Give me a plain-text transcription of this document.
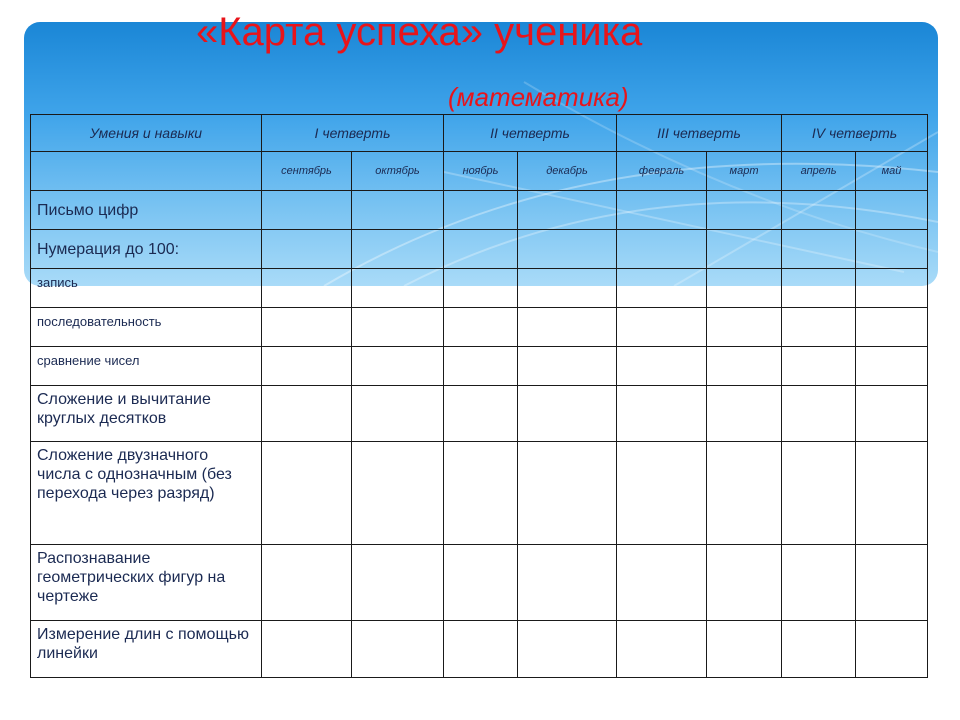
«Карта успеха» ученика
(математика)
Умения и навыки	I четверть		II четверть		III четверть		IV четверть	
	сентябрь	октябрь	ноябрь	декабрь	февраль	март	апрель	май
Письмо цифр								
Нумерация до 100:								
запись								
последовательность								
сравнение чисел								
Сложение и вычитание круглых десятков								
Сложение двузначного числа с однозначным (без перехода через разряд)								
Распознавание геометрических фигур на чертеже								
Измерение длин с помощью линейки								
